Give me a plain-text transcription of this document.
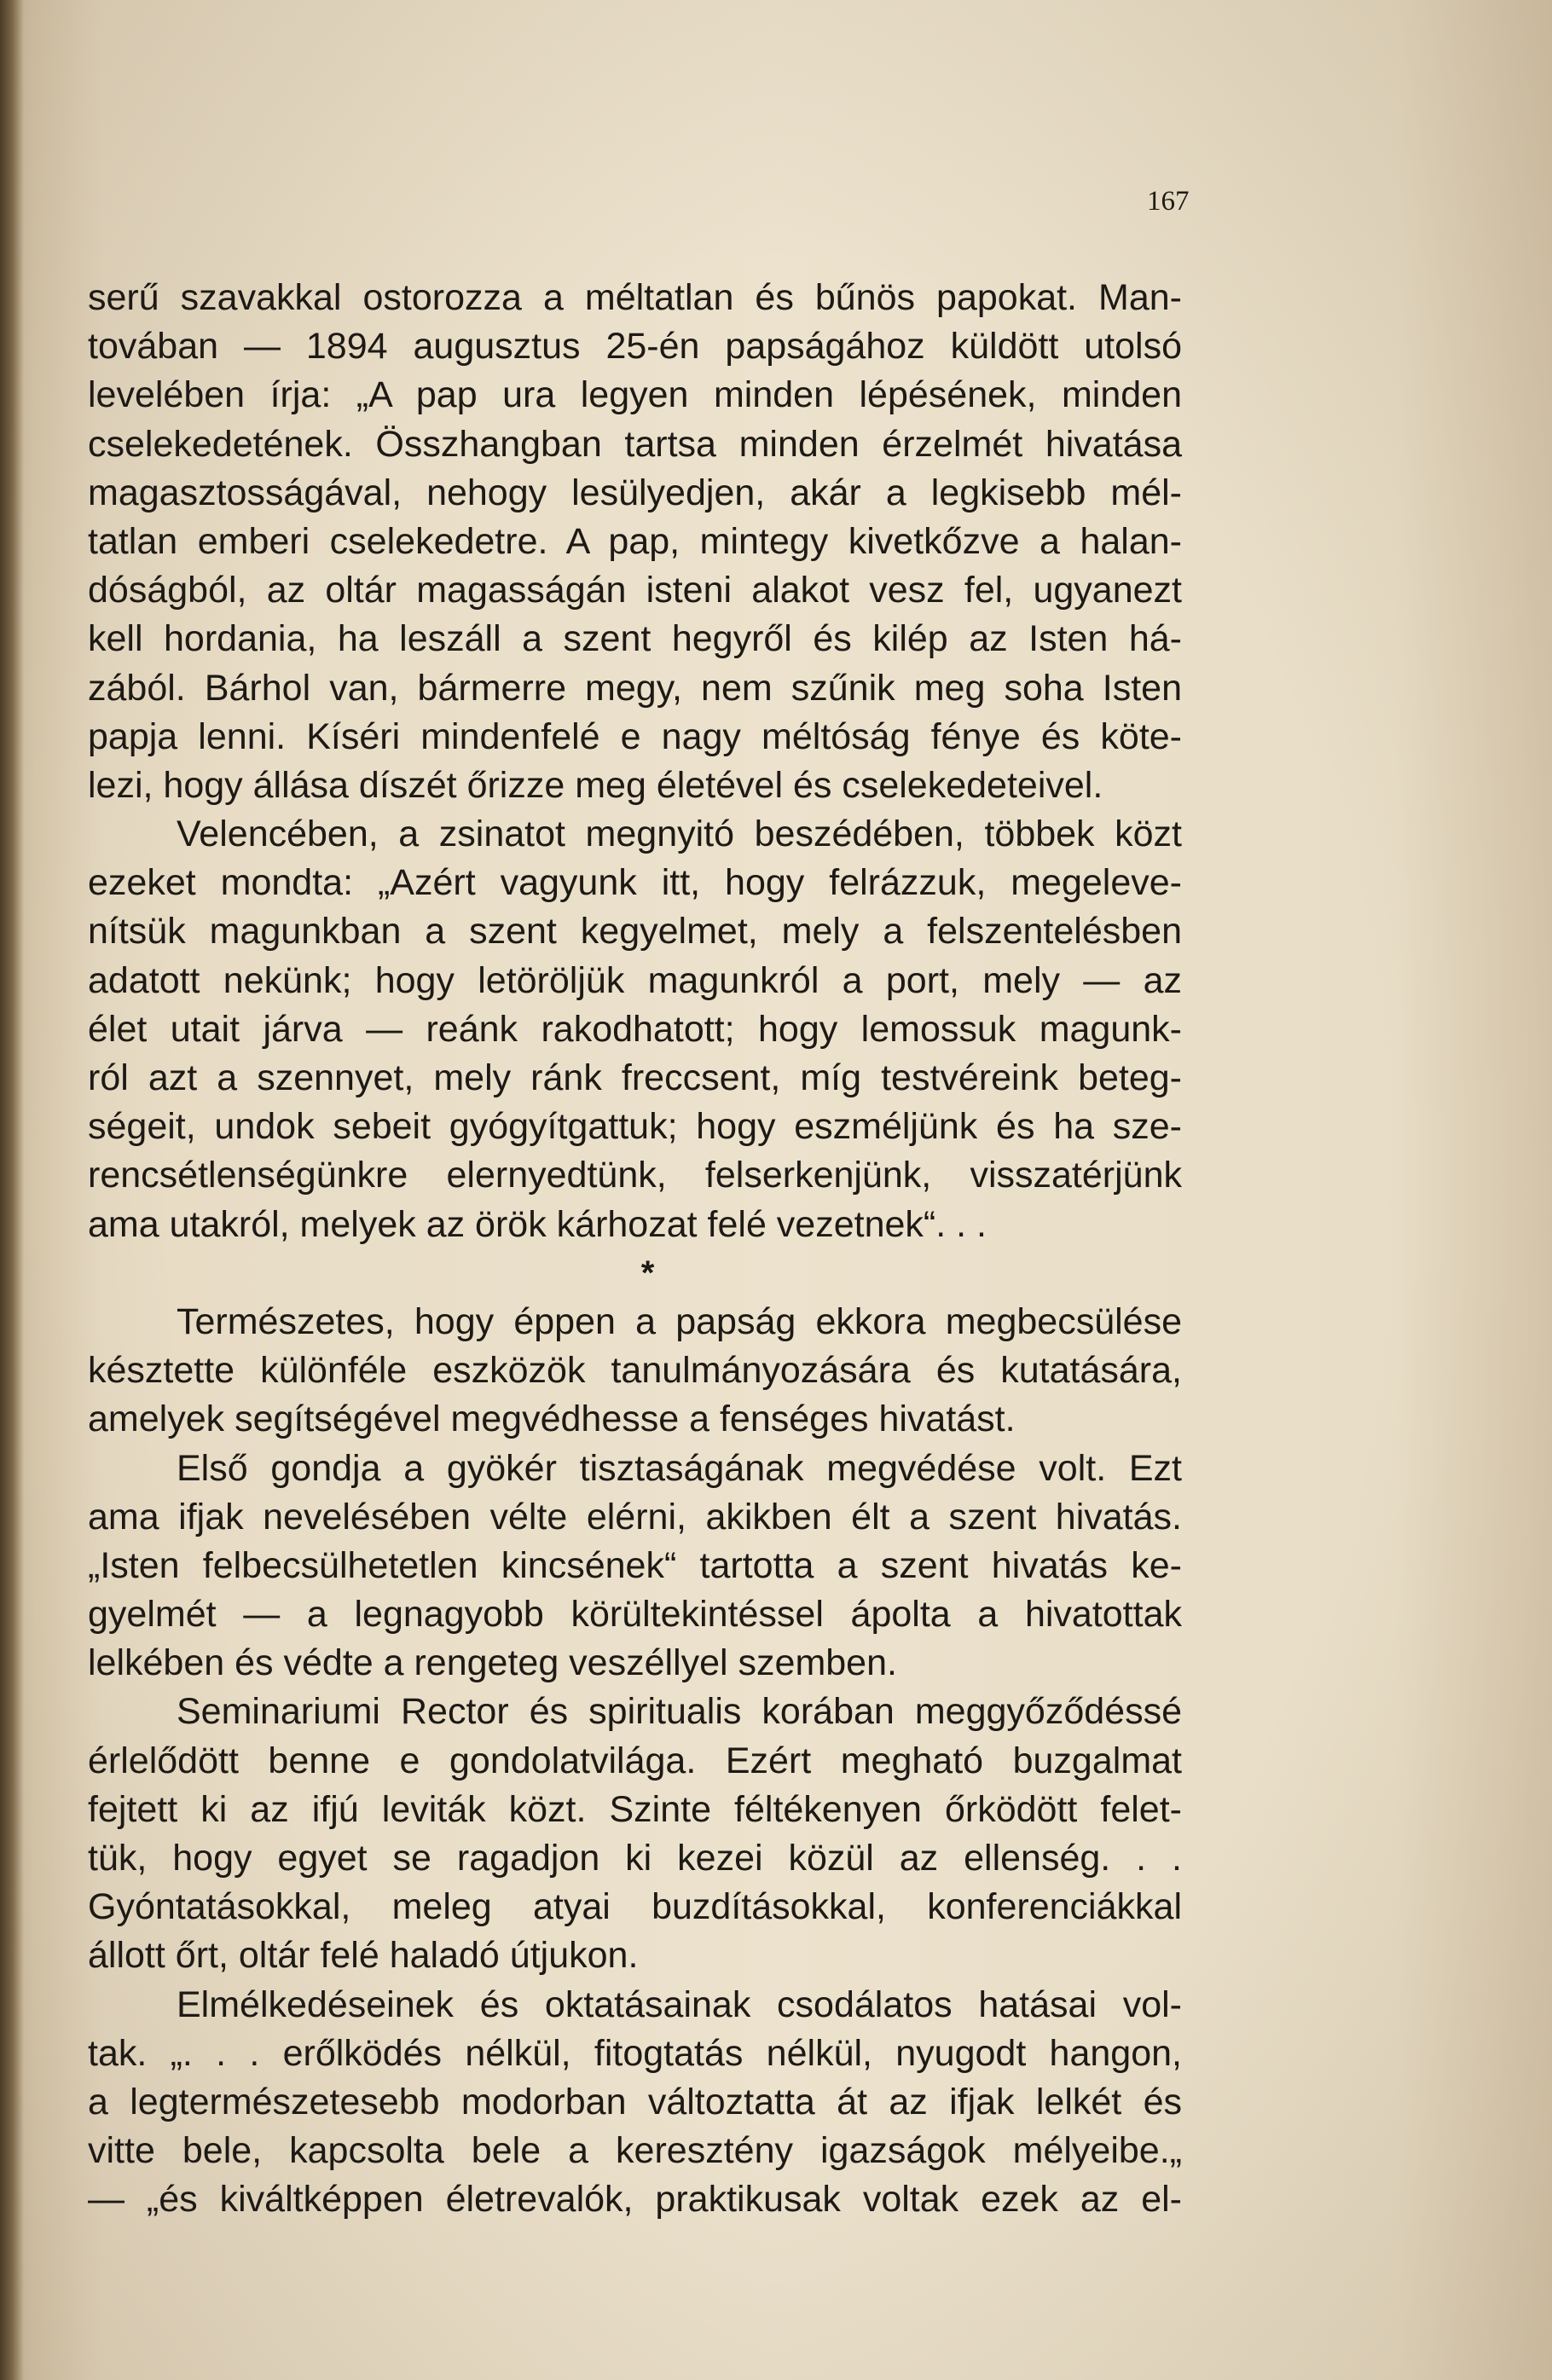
167
serű szavakkal ostorozza a méltatlan és bűnös papokat. Man-
továban — 1894 augusztus 25-én papságához küldött utolsó
levelében írja: „A pap ura legyen minden lépésének, minden
cselekedetének. Összhangban tartsa minden érzelmét hivatása
magasztosságával, nehogy lesülyedjen, akár a legkisebb mél-
tatlan emberi cselekedetre. A pap, mintegy kivetkőzve a halan-
dóságból, az oltár magasságán isteni alakot vesz fel, ugyanezt
kell hordania, ha leszáll a szent hegyről és kilép az Isten há-
zából. Bárhol van, bármerre megy, nem szűnik meg soha Isten
papja lenni. Kíséri mindenfelé e nagy méltóság fénye és köte-
lezi, hogy állása díszét őrizze meg életével és cselekedeteivel.
Velencében, a zsinatot megnyitó beszédében, többek közt
ezeket mondta: „Azért vagyunk itt, hogy felrázzuk, megeleve-
nítsük magunkban a szent kegyelmet, mely a felszentelésben
adatott nekünk; hogy letöröljük magunkról a port, mely — az
élet utait járva — reánk rakodhatott; hogy lemossuk magunk-
ról azt a szennyet, mely ránk freccsent, míg testvéreink beteg-
ségeit, undok sebeit gyógyítgattuk; hogy eszméljünk és ha sze-
rencsétlenségünkre elernyedtünk, felserkenjünk, visszatérjünk
ama utakról, melyek az örök kárhozat felé vezetnek“. . .
*
Természetes, hogy éppen a papság ekkora megbecsülése
késztette különféle eszközök tanulmányozására és kutatására,
amelyek segítségével megvédhesse a fenséges hivatást.
Első gondja a gyökér tisztaságának megvédése volt. Ezt
ama ifjak nevelésében vélte elérni, akikben élt a szent hivatás.
„Isten felbecsülhetetlen kincsének“ tartotta a szent hivatás ke-
gyelmét — a legnagyobb körültekintéssel ápolta a hivatottak
lelkében és védte a rengeteg veszéllyel szemben.
Seminariumi Rector és spiritualis korában meggyőződéssé
érlelődött benne e gondolatvilága. Ezért megható buzgalmat
fejtett ki az ifjú leviták közt. Szinte féltékenyen őrködött felet-
tük, hogy egyet se ragadjon ki kezei közül az ellenség. . .
Gyóntatásokkal, meleg atyai buzdításokkal, konferenciákkal
állott őrt, oltár felé haladó útjukon.
Elmélkedéseinek és oktatásainak csodálatos hatásai vol-
tak. „. . . erőlködés nélkül, fitogtatás nélkül, nyugodt hangon,
a legtermészetesebb modorban változtatta át az ifjak lelkét és
vitte bele, kapcsolta bele a keresztény igazságok mélyeibe.„
— „és kiváltképpen életrevalók, praktikusak voltak ezek az el-
